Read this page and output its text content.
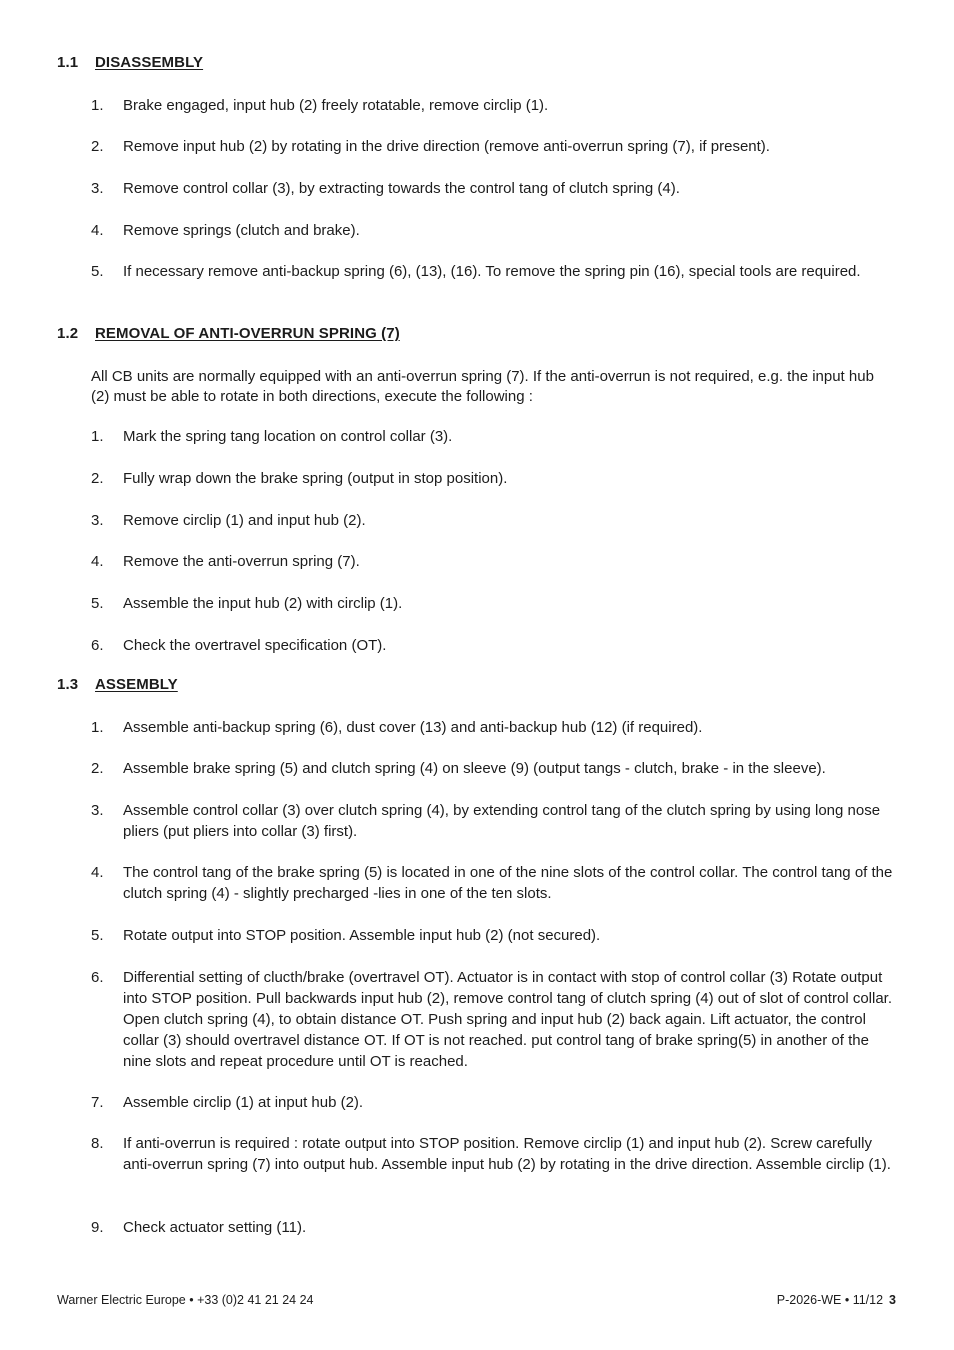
1.1 DISASSEMBLY
1.	Brake engaged, input hub (2) freely rotatable, remove circlip (1).
2.	Remove input hub (2) by rotating in the drive direction (remove anti-overrun spring (7), if present).
3.	Remove control collar (3), by extracting towards the control tang of clutch spring (4).
4.	Remove springs (clutch and brake).
5.	If necessary remove anti-backup spring (6), (13), (16). To remove the spring pin (16), special tools are required.
1.2 REMOVAL OF ANTI-OVERRUN SPRING (7)
All CB units are normally equipped with an anti-overrun spring (7). If the anti-overrun is not required, e.g. the input hub (2) must be able to rotate in both directions, execute the following :
1.	Mark the spring tang location on control collar (3).
2.	Fully wrap down the brake spring (output in stop position).
3.	Remove circlip (1) and input hub (2).
4.	Remove the anti-overrun spring (7).
5.	Assemble the input hub (2) with circlip (1).
6.	Check the overtravel specification (OT).
1.3 ASSEMBLY
1.	Assemble anti-backup spring (6), dust cover (13) and anti-backup hub (12) (if required).
2.	Assemble brake spring (5) and clutch spring (4) on sleeve (9) (output tangs - clutch, brake - in the sleeve).
3.	Assemble control collar (3) over clutch spring (4), by extending control tang of the clutch spring by using long nose pliers (put pliers into collar (3) first).
4.	The control tang of the brake spring (5) is located in one of the nine slots of the control collar. The control tang of the clutch spring (4) - slightly precharged -lies in one of the ten slots.
5.	Rotate output into STOP position. Assemble input hub (2) (not secured).
6.	Differential setting of clucth/brake (overtravel OT). Actuator is in contact with stop of control collar (3) Rotate output into STOP position. Pull backwards input hub (2), remove control tang of clutch spring (4) out of slot of control collar. Open clutch spring (4), to obtain distance OT. Push spring and input hub (2) back again. Lift actuator, the control collar (3) should overtravel distance OT. If OT is not reached. put control tang of brake spring(5) in another of the nine slots and repeat procedure until OT is reached.
7.	Assemble circlip (1) at input hub (2).
8.	If anti-overrun is required : rotate output into STOP position. Remove circlip (1) and input hub (2). Screw carefully anti-overrun spring (7) into output hub. Assemble input hub (2) by rotating in the drive direction. Assemble circlip (1).
9.	Check actuator setting (11).
Warner Electric Europe • +33 (0)2 41 21 24 24	P-2026-WE • 11/12 3
